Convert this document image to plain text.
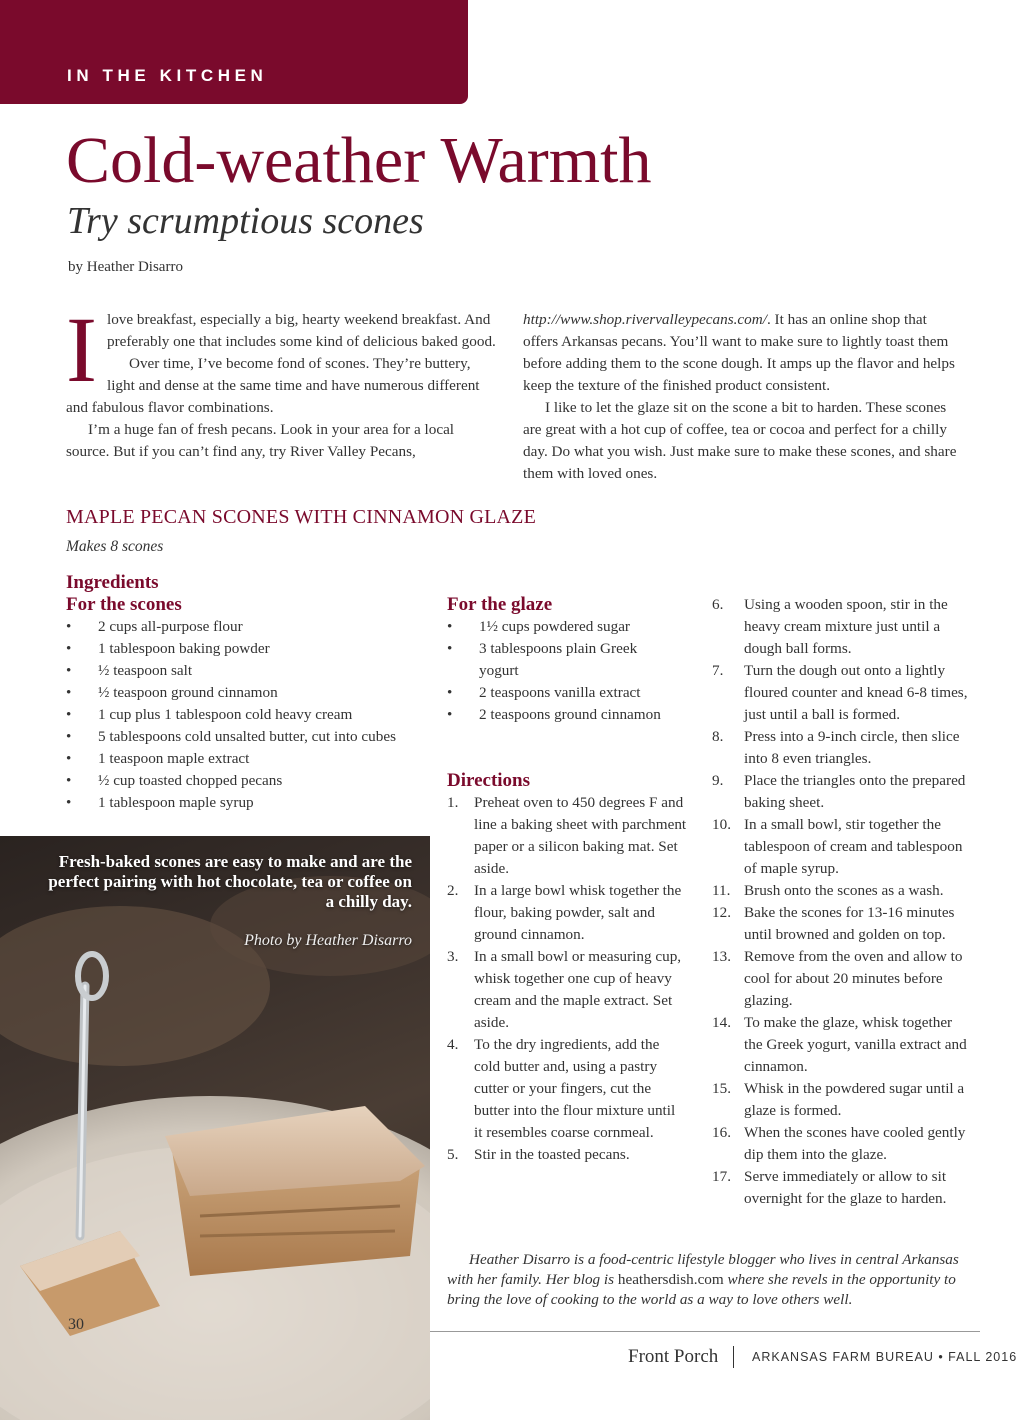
IN THE KITCHEN
Cold-weather Warmth
Try scrumptious scones
by Heather Disarro

Ilove breakfast, especially a big, hearty weekend breakfast. And preferably one that includes some kind of delicious baked good.

Over time, I’ve become fond of scones. They’re buttery, light and dense at the same time and have numerous different and fabulous flavor combinations.

I’m a huge fan of fresh pecans. Look in your area for a local source. But if you can’t find any, try River Valley Pecans,

http://www.shop.rivervalleypecans.com/. It has an online shop that offers Arkansas pecans. You’ll want to make sure to lightly toast them before adding them to the scone dough. It amps up the flavor and helps keep the texture of the finished product consistent.

I like to let the glaze sit on the scone a bit to harden. These scones are great with a hot cup of coffee, tea or cocoa and perfect for a chilly day. Do what you wish. Just make sure to make these scones, and share them with loved ones.

MAPLE PECAN SCONES WITH CINNAMON GLAZE
Makes 8 scones
Ingredients
For the scones
• 2 cups all-purpose flour
• 1 tablespoon baking powder
• ½ teaspoon salt
• ½ teaspoon ground cinnamon
• 1 cup plus 1 tablespoon cold heavy cream
• 5 tablespoons cold unsalted butter, cut into cubes
• 1 teaspoon maple extract
• ½ cup toasted chopped pecans
• 1 tablespoon maple syrup
For the glaze
• 1½ cups powdered sugar
• 3 tablespoons plain Greek yogurt
• 2 teaspoons vanilla extract
• 2 teaspoons ground cinnamon
Directions
1. Preheat oven to 450 degrees F and line a baking sheet with parchment paper or a silicon baking mat. Set aside.
2. In a large bowl whisk together the flour, baking powder, salt and ground cinnamon.
3. In a small bowl or measuring cup, whisk together one cup of heavy cream and the maple extract. Set aside.
4. To the dry ingredients, add the cold butter and, using a pastry cutter or your fingers, cut the butter into the flour mixture until it resembles coarse cornmeal.
5. Stir in the toasted pecans.
6. Using a wooden spoon, stir in the heavy cream mixture just until a dough ball forms.
7. Turn the dough out onto a lightly floured counter and knead 6-8 times, just until a ball is formed.
8. Press into a 9-inch circle, then slice into 8 even triangles.
9. Place the triangles onto the prepared baking sheet.
10. In a small bowl, stir together the tablespoon of cream and tablespoon of maple syrup.
11. Brush onto the scones as a wash.
12. Bake the scones for 13-16 minutes until browned and golden on top.
13. Remove from the oven and allow to cool for about 20 minutes before glazing.
14. To make the glaze, whisk together the Greek yogurt, vanilla extract and cinnamon.
15. Whisk in the powdered sugar until a glaze is formed.
16. When the scones have cooled gently dip them into the glaze.
17. Serve immediately or allow to sit overnight for the glaze to harden.
Fresh-baked scones are easy to make and are the perfect pairing with hot chocolate, tea or coffee on a chilly day.
Photo by Heather Disarro
30
Heather Disarro is a food-centric lifestyle blogger who lives in central Arkansas with her family. Her blog is heathersdish.com where she revels in the opportunity to bring the love of cooking to the world as a way to love others well.
Front Porch	ARKANSAS FARM BUREAU • FALL 2016
